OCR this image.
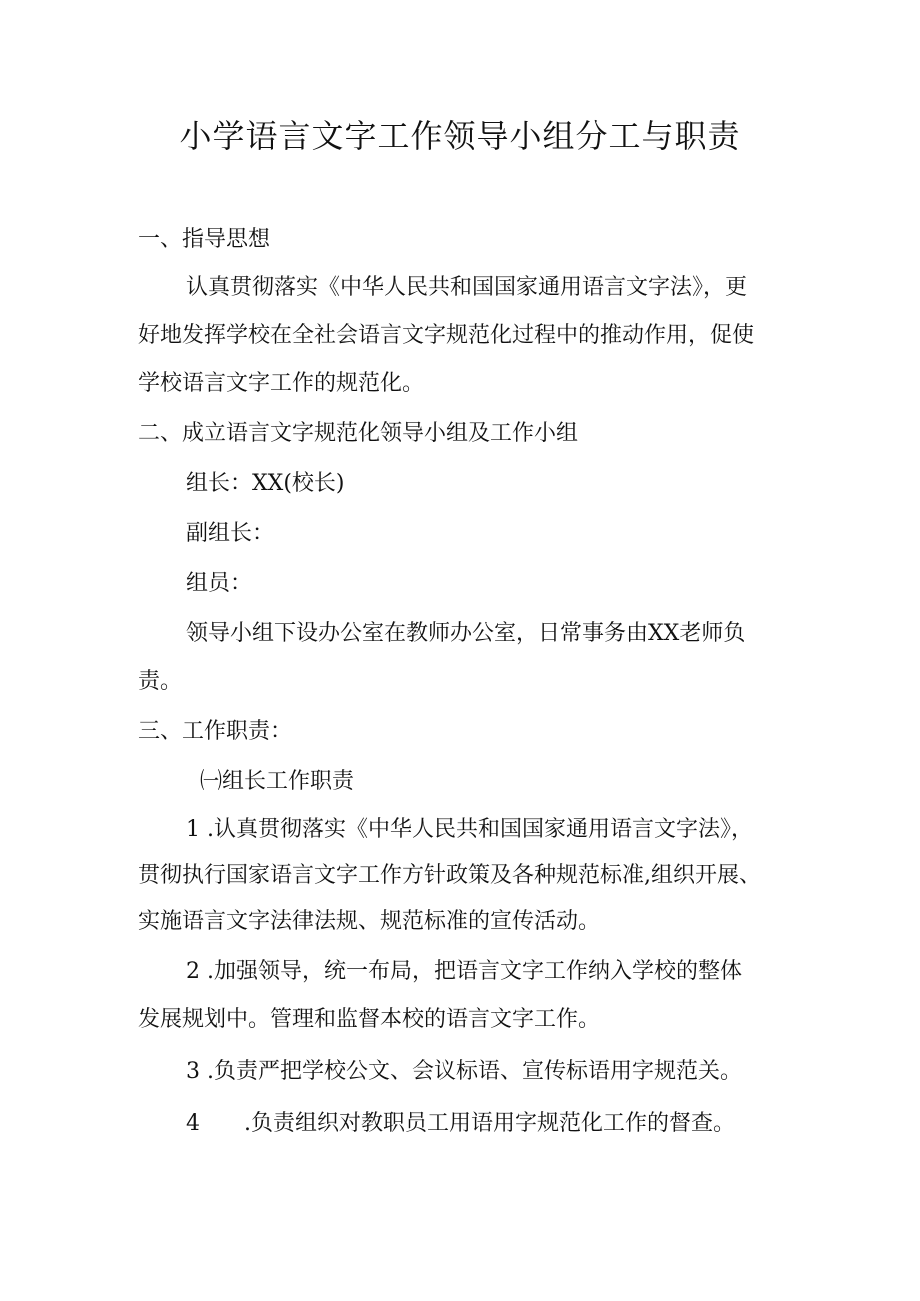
小学语言文字工作领导小组分工与职责
一、指导思想
认真贯彻落实《中华人民共和国国家通用语言文字法》，更
好地发挥学校在全社会语言文字规范化过程中的推动作用，促使
学校语言文字工作的规范化。
二、成立语言文字规范化领导小组及工作小组
组长：XX(校长)
副组长：
组员：
领导小组下设办公室在教师办公室，日常事务由XX老师负
责。
三、工作职责：
㈠组长工作职责
1 .认真贯彻落实《中华人民共和国国家通用语言文字法》，
贯彻执行国家语言文字工作方针政策及各种规范标准,组织开展、
实施语言文字法律法规、规范标准的宣传活动。
2 .加强领导，统一布局，把语言文字工作纳入学校的整体
发展规划中。管理和监督本校的语言文字工作。
3 .负责严把学校公文、会议标语、宣传标语用字规范关。
4　　.负责组织对教职员工用语用字规范化工作的督查。
